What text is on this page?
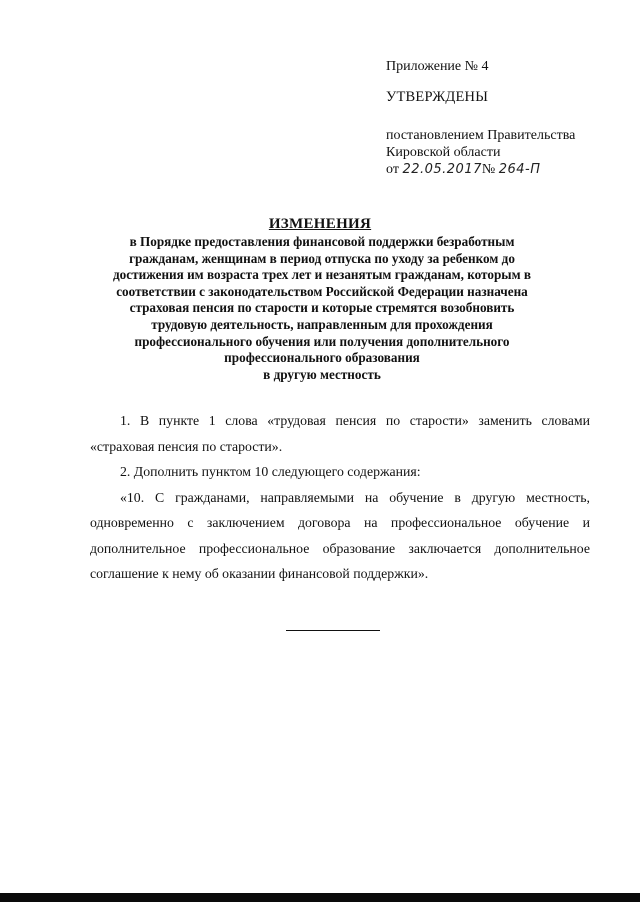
Приложение № 4

УТВЕРЖДЕНЫ

постановлением Правительства

Кировской области

от 22.05.2017№ 264-П

ИЗМЕНЕНИЯ
в Порядке предоставления финансовой поддержки безработным
гражданам, женщинам в период отпуска по уходу за ребенком до
достижения им возраста трех лет и незанятым гражданам, которым в
соответствии с законодательством Российской Федерации назначена
страховая пенсия по старости и которые стремятся возобновить
трудовую деятельность, направленным для прохождения
профессионального обучения или получения дополнительного
профессионального образования
в другую местность

1. В пункте 1 слова «трудовая пенсия по старости» заменить словами

«страховая пенсия по старости».

2. Дополнить пунктом 10 следующего содержания:

«10. С гражданами, направляемыми на обучение в другую местность,

одновременно с заключением договора на профессиональное обучение и

дополнительное профессиональное образование заключается дополнительное

соглашение к нему об оказании финансовой поддержки».
